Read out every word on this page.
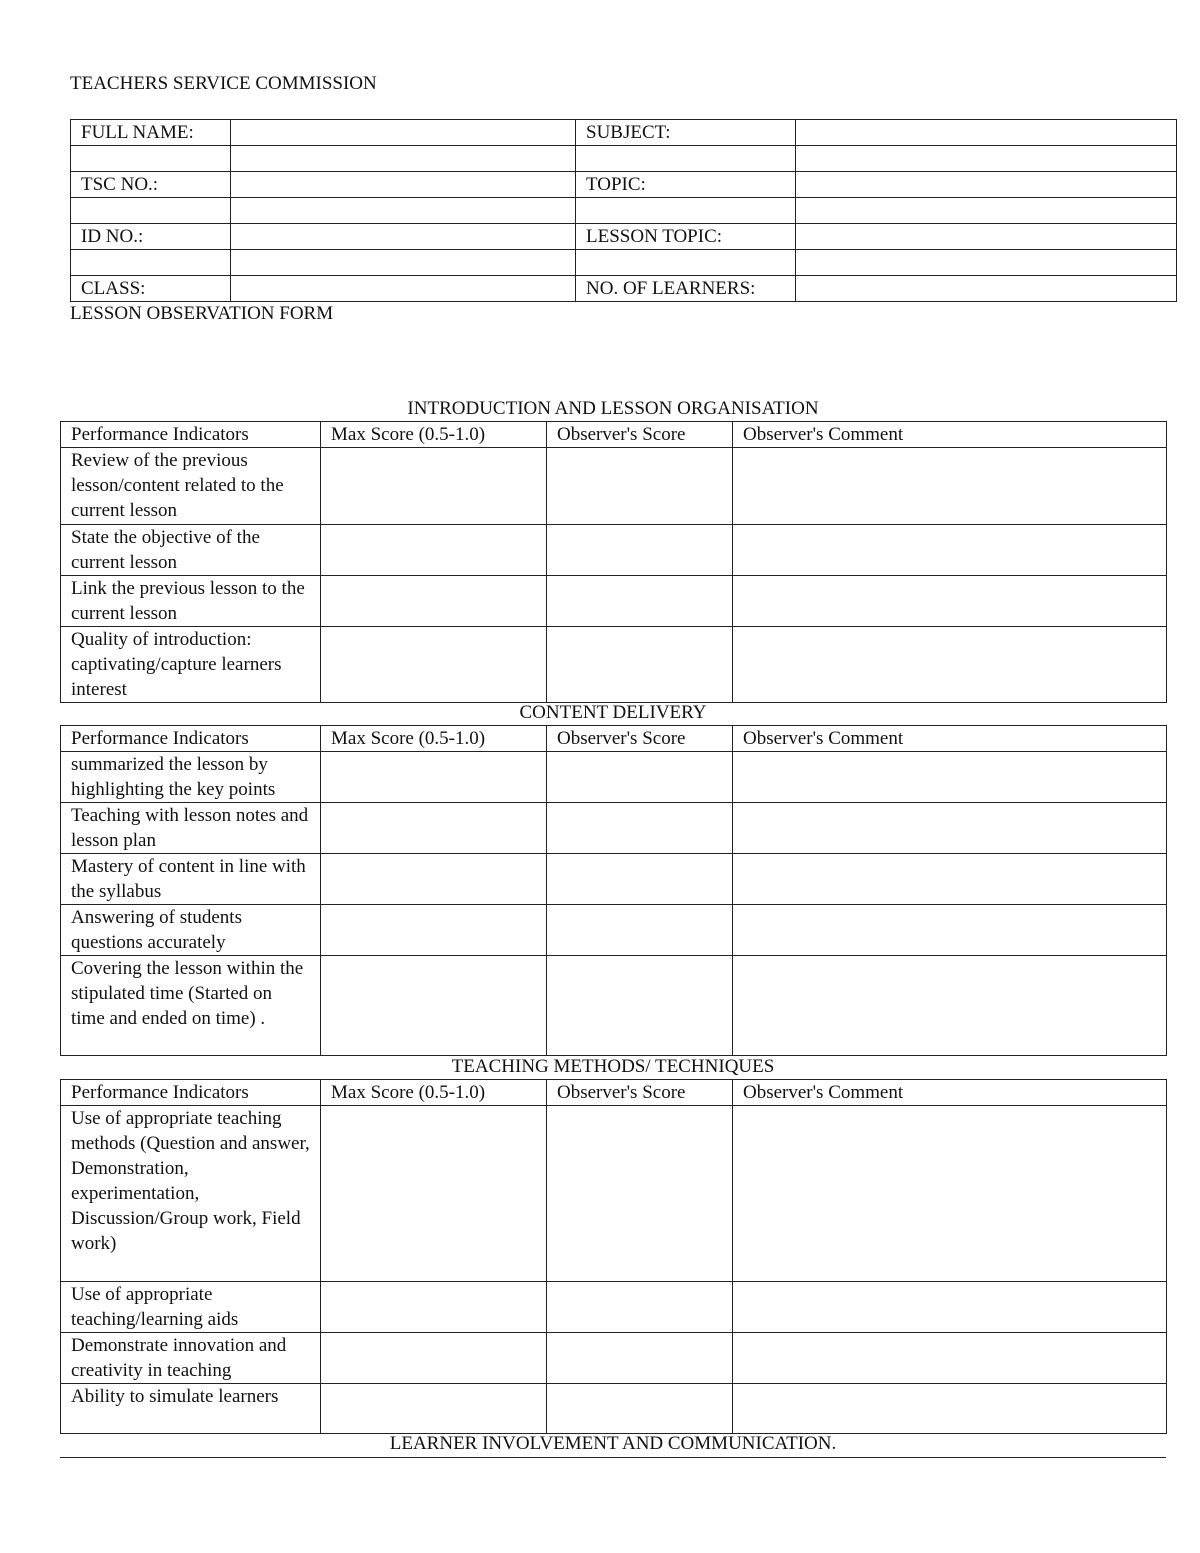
TEACHERS SERVICE COMMISSION
FULL NAME:		SUBJECT:	

TSC NO.:		TOPIC:	

ID NO.:		LESSON TOPIC:	

CLASS:		NO. OF LEARNERS:	
LESSON OBSERVATION FORM
INTRODUCTION AND LESSON ORGANISATION
Performance Indicators	Max Score (0.5-1.0)	Observer's Score	Observer's Comment
Review of the previous lesson/content related to the current lesson			
State the objective of the current lesson			
Link the previous lesson to the current lesson			
Quality of introduction: captivating/capture learners interest			
CONTENT DELIVERY
Performance Indicators	Max Score (0.5-1.0)	Observer's Score	Observer's Comment
summarized the lesson by highlighting the key points			
Teaching with lesson notes and lesson plan			
Mastery of content in line with the syllabus			
Answering of students questions accurately			
Covering the lesson within the stipulated time (Started on time and ended on time) .			
TEACHING METHODS/ TECHNIQUES
Performance Indicators	Max Score (0.5-1.0)	Observer's Score	Observer's Comment
Use of appropriate teaching methods (Question and answer, Demonstration, experimentation, Discussion/Group work, Field work)			
Use of appropriate teaching/learning aids			
Demonstrate innovation and creativity in teaching			
Ability to simulate learners			
LEARNER INVOLVEMENT AND COMMUNICATION.
